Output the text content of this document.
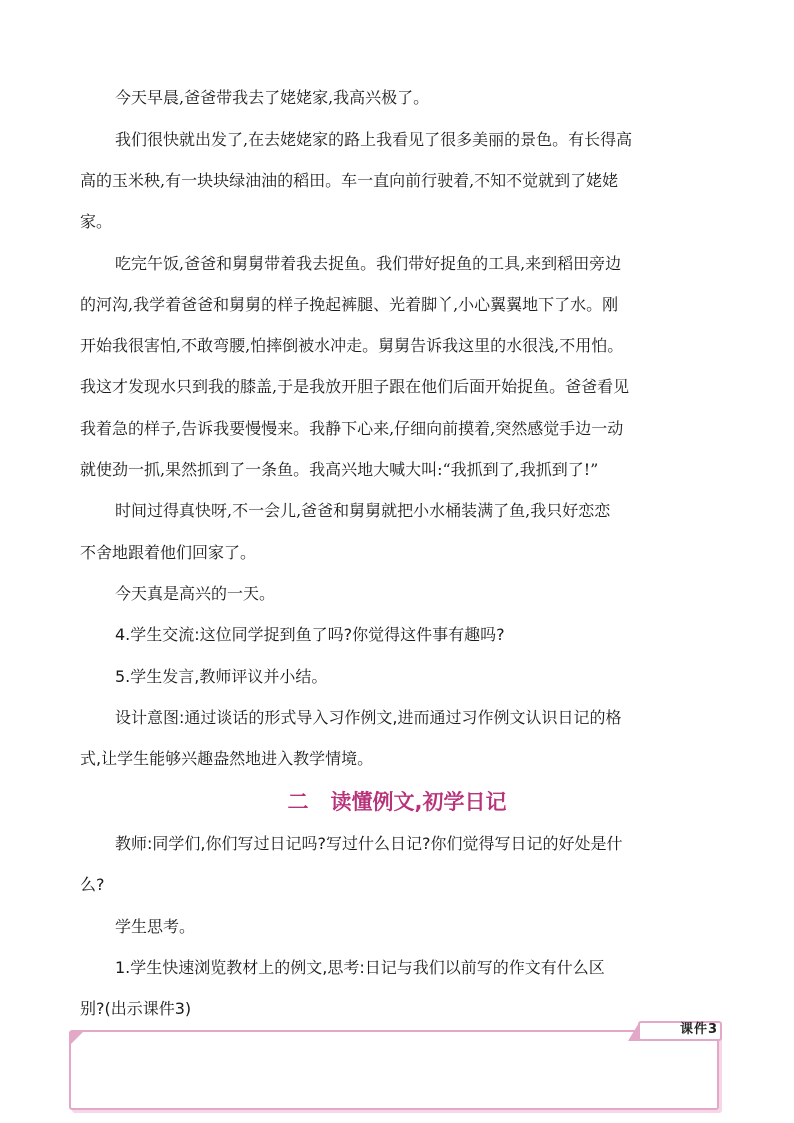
今天早晨,爸爸带我去了姥姥家,我高兴极了。

我们很快就出发了,在去姥姥家的路上我看见了很多美丽的景色。有长得高

高的玉米秧,有一块块绿油油的稻田。车一直向前行驶着,不知不觉就到了姥姥

家。

吃完午饭,爸爸和舅舅带着我去捉鱼。我们带好捉鱼的工具,来到稻田旁边

的河沟,我学着爸爸和舅舅的样子挽起裤腿、光着脚丫,小心翼翼地下了水。刚

开始我很害怕,不敢弯腰,怕摔倒被水冲走。舅舅告诉我这里的水很浅,不用怕。

我这才发现水只到我的膝盖,于是我放开胆子跟在他们后面开始捉鱼。爸爸看见

我着急的样子,告诉我要慢慢来。我静下心来,仔细向前摸着,突然感觉手边一动

就使劲一抓,果然抓到了一条鱼。我高兴地大喊大叫:“我抓到了,我抓到了!”

时间过得真快呀,不一会儿,爸爸和舅舅就把小水桶装满了鱼,我只好恋恋

不舍地跟着他们回家了。

今天真是高兴的一天。

4.学生交流:这位同学捉到鱼了吗?你觉得这件事有趣吗?

5.学生发言,教师评议并小结。

设计意图:通过谈话的形式导入习作例文,进而通过习作例文认识日记的格

式,让学生能够兴趣盎然地进入教学情境。

二 读懂例文,初学日记

教师:同学们,你们写过日记吗?写过什么日记?你们觉得写日记的好处是什

么?

学生思考。

1.学生快速浏览教材上的例文,思考:日记与我们以前写的作文有什么区

别?(出示课件3)

课件3
